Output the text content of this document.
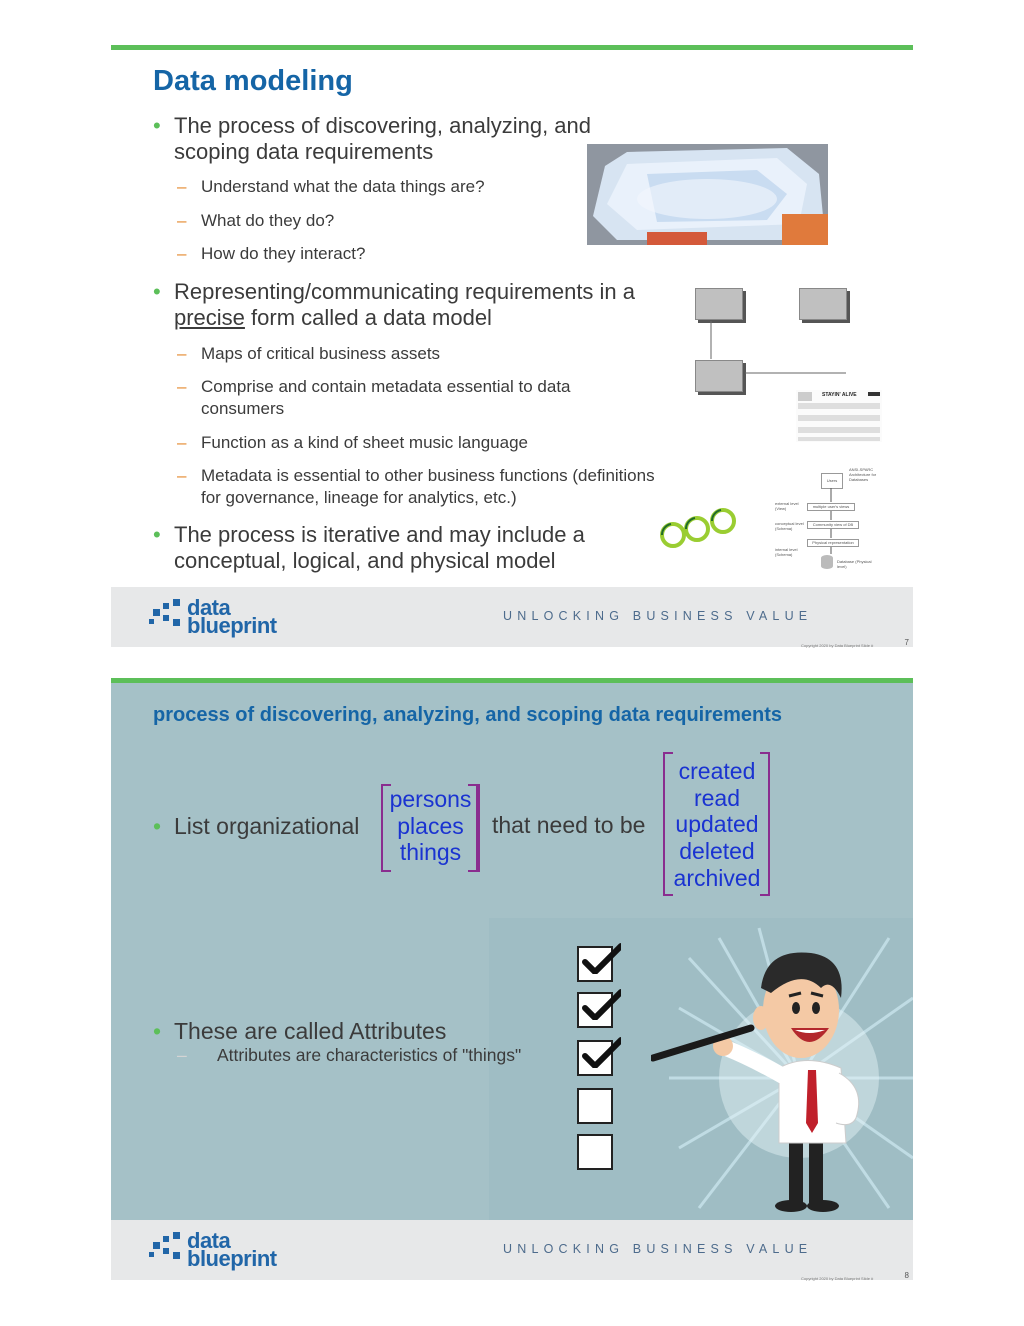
Data modeling
• The process of discovering, analyzing, and scoping data requirements
– Understand what the data things are?
– What do they do?
– How do they interact?
• Representing/communicating requirements in a precise form called a data model
– Maps of critical business assets
– Comprise and contain metadata essential to data consumers
– Function as a kind of sheet music language
– Metadata is essential to other business functions (definitions for governance, lineage for analytics, etc.)
• The process is iterative and may include a conceptual, logical, and physical model
STAYIN' ALIVE
ANSI-SPARC Architecture for Databases
Users
external level (View)	multiple user's views
conceptual level (Schema)
Community view of DB
Physical representation
internal level (Schema)
Database (Physical level)
data
blueprint	UNLOCKING BUSINESS VALUE
Copyright 2020 by Data Blueprint Slide #	7
process of discovering, analyzing, and scoping data requirements
• List organizational
persons
places
things
that need to be
created
read
updated
deleted
archived
• These are called Attributes
– Attributes are characteristics of "things"
data
blueprint	UNLOCKING BUSINESS VALUE
Copyright 2020 by Data Blueprint Slide #	8
